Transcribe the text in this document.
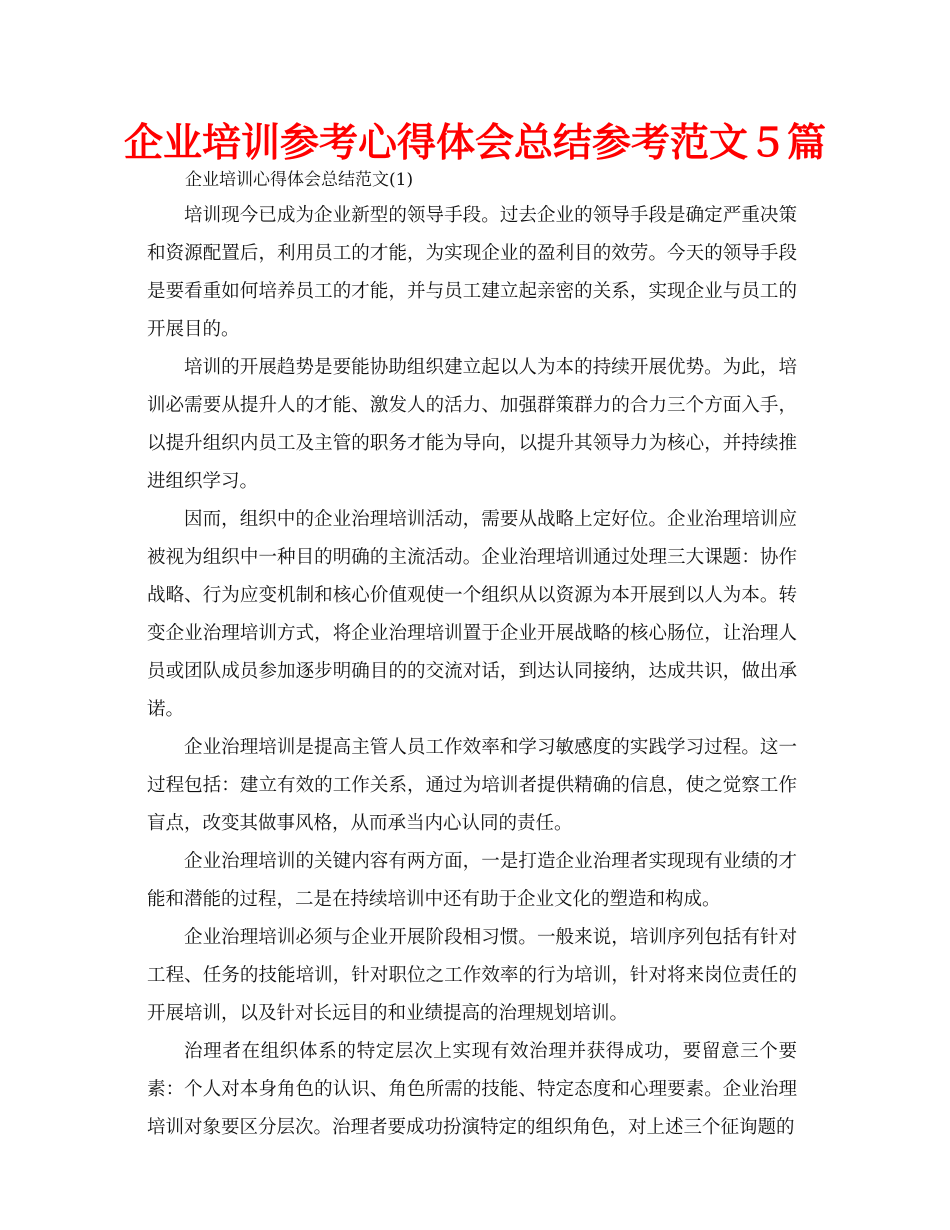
企业培训参考心得体会总结参考范文５篇
企业培训心得体会总结范文(1)

培训现今已成为企业新型的领导手段。过去企业的领导手段是确定严重决策和资源配置后，利用员工的才能，为实现企业的盈利目的效劳。今天的领导手段是要看重如何培养员工的才能，并与员工建立起亲密的关系，实现企业与员工的开展目的。

培训的开展趋势是要能协助组织建立起以人为本的持续开展优势。为此，培训必需要从提升人的才能、激发人的活力、加强群策群力的合力三个方面入手，以提升组织内员工及主管的职务才能为导向，以提升其领导力为核心，并持续推进组织学习。

因而，组织中的企业治理培训活动，需要从战略上定好位。企业治理培训应被视为组织中一种目的明确的主流活动。企业治理培训通过处理三大课题：协作战略、行为应变机制和核心价值观使一个组织从以资源为本开展到以人为本。转变企业治理培训方式，将企业治理培训置于企业开展战略的核心肠位，让治理人员或团队成员参加逐步明确目的的交流对话，到达认同接纳，达成共识，做出承诺。

企业治理培训是提高主管人员工作效率和学习敏感度的实践学习过程。这一过程包括：建立有效的工作关系，通过为培训者提供精确的信息，使之觉察工作盲点，改变其做事风格，从而承当内心认同的责任。

企业治理培训的关键内容有两方面，一是打造企业治理者实现现有业绩的才能和潜能的过程，二是在持续培训中还有助于企业文化的塑造和构成。

企业治理培训必须与企业开展阶段相习惯。一般来说，培训序列包括有针对工程、任务的技能培训，针对职位之工作效率的行为培训，针对将来岗位责任的开展培训，以及针对长远目的和业绩提高的治理规划培训。

治理者在组织体系的特定层次上实现有效治理并获得成功，要留意三个要素：个人对本身角色的认识、角色所需的技能、特定态度和心理要素。企业治理培训对象要区分层次。治理者要成功扮演特定的组织角色，对上述三个征询题的
